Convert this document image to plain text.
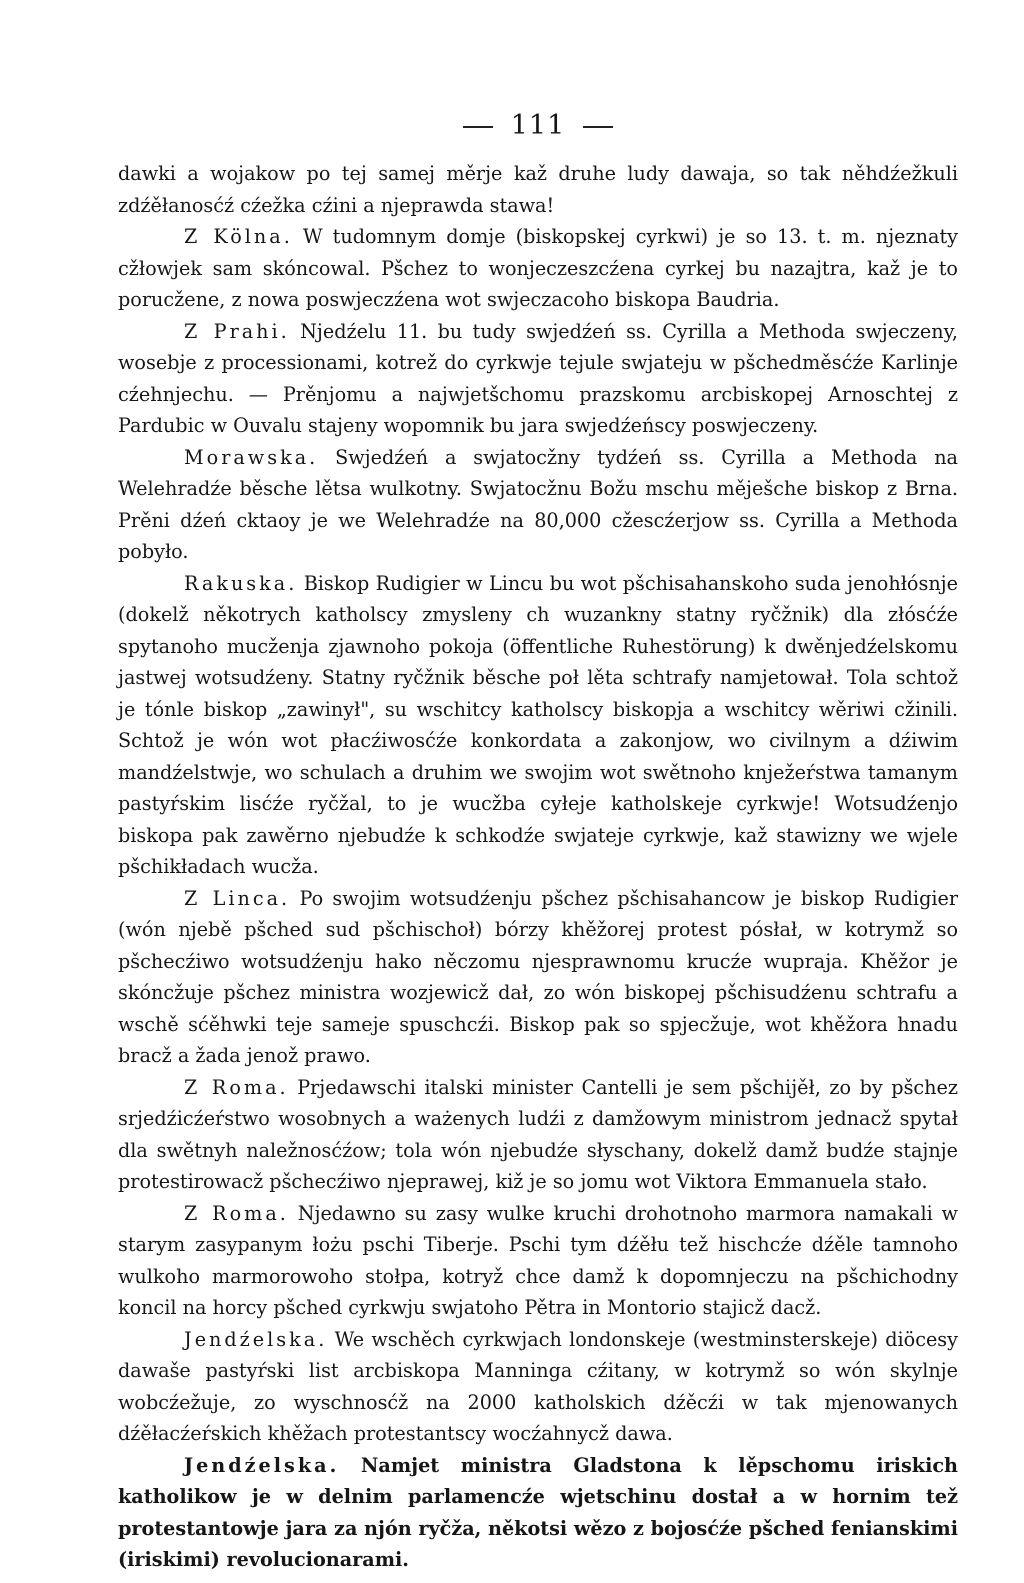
111

dawki a wojakow po tej samej měrje kaž druhe ludy dawaja, so tak něhdźežkuli zdźěłanosćź cźežka cźini a njeprawda stawa!

Z Kölna. W tudomnym domje (biskopskej cyrkwi) je so 13. t. m. njeznaty cžłowjek sam skóncowal. Pšchez to wonjeczeszcźena cyrkej bu nazajtra, kaž je to porucžene, z nowa poswjeczźena wot swjeczacoho biskopa Baudria.

Z Prahi. Njedźelu 11. bu tudy swjedźeń ss. Cyrilla a Methoda swjeczeny, wosebje z processionami, kotrež do cyrkwje tejule swjateju w pšchedměsćźe Karlinje cźehnjechu. — Prěnjomu a najwjetšchomu prazskomu arcbiskopej Arnoschtej z Pardubic w Ouvalu stajeny wopomnik bu jara swjedźeńscy poswjeczeny.

Morawska. Swjedźeń a swjatocžny tydźeń ss. Cyrilla a Methoda na Welehradźe běsche lětsa wulkotny. Swjatocžnu Božu mschu měješche biskop z Brna. Prěni dźeń cktaoy je we Welehradźe na 80,000 cžescźerjow ss. Cyrilla a Methoda pobyło.

Rakuska. Biskop Rudigier w Lincu bu wot pšchisahanskoho suda jenohłósnje (dokelž někotrych katholscy zmysleny ch wuzankny statny ryčžnik) dla złósćźe spytanoho mucženja zjawnoho pokoja (öffentliche Ruhestörung) k dwěnjedźelskomu jastwej wotsudźeny. Statny ryčžnik běsche poł lěta schtrafy namjetował. Tola schtož je tónle biskop „zawinył", su wschitcy katholscy biskopja a wschitcy wěriwi cžinili. Schtož je wón wot płacźiwosćźe konkordata a zakonjow, wo civilnym a dźiwim mandźelstwje, wo schulach a druhim we swojim wot swětnoho knježeŕstwa tamanym pastyŕskim lisćźe ryčžal, to je wucžba cyłeje katholskeje cyrkwje! Wotsudźenjo biskopa pak zawěrno njebudźe k schkodźe swjateje cyrkwje, kaž stawizny we wjele pšchikładach wucža.

Z Linca. Po swojim wotsudźenju pšchez pšchisahancow je biskop Rudigier (wón njebě pšched sud pšchischoł) bórzy khěžorej protest pósłał, w kotrymž so pšchecźiwo wotsudźenju hako něczomu njesprawnomu krucźe wupraja. Khěžor je skóncžuje pšchez ministra wozjewicž dał, zo wón biskopej pšchisudźenu schtrafu a wschě sćěhwki teje sameje spuschcźi. Biskop pak so spjecžuje, wot khěžora hnadu bracž a žada jenož prawo.

Z Roma. Prjedawschi italski minister Cantelli je sem pšchijěł, zo by pšchez srjedźicźeŕstwo wosobnych a ważenych ludźi z damžowym ministrom jednacž spytał dla swětnyh naležnosćźow; tola wón njebudźe słyschany, dokelž damž budźe stajnje protestirowacž pšchecźiwo njeprawej, kiž je so jomu wot Viktora Emmanuela stało.

Z Roma. Njedawno su zasy wulke kruchi drohotnoho marmora namakali w starym zasypanym łożu pschi Tiberje. Pschi tym dźěłu tež hischcźe dźěle tamnoho wulkoho marmorowoho stołpa, kotryž chce damž k dopomnjeczu na pšchiсhodny koncil na horcy pšched cyrkwju swjatoho Pětra in Montorio stajicž dacž.

Jendźelska. We wschěch cyrkwjach londonskeje (westminsterskeje) diöcesy dawaše pastyŕski list arcbiskopa Manninga cźitany, w kotrymž so wón skylnje wobcźežuje, zo wyschnosćž na 2000 katholskich dźěcźi w tak mjenowanych dźěłacźeŕskich khěžach protestantscy wocźahnycž dawa.

Jendźelska. Namjet ministra Gladstona k lěpschomu iriskich katholikow je w delnim parlamencźe wjetschinu dostał a w hornim tež protestantowje jara za njón ryčža, někotsi wězo z bojosćźe pšched fenianskimi (iriskimi) revolucionarami.
